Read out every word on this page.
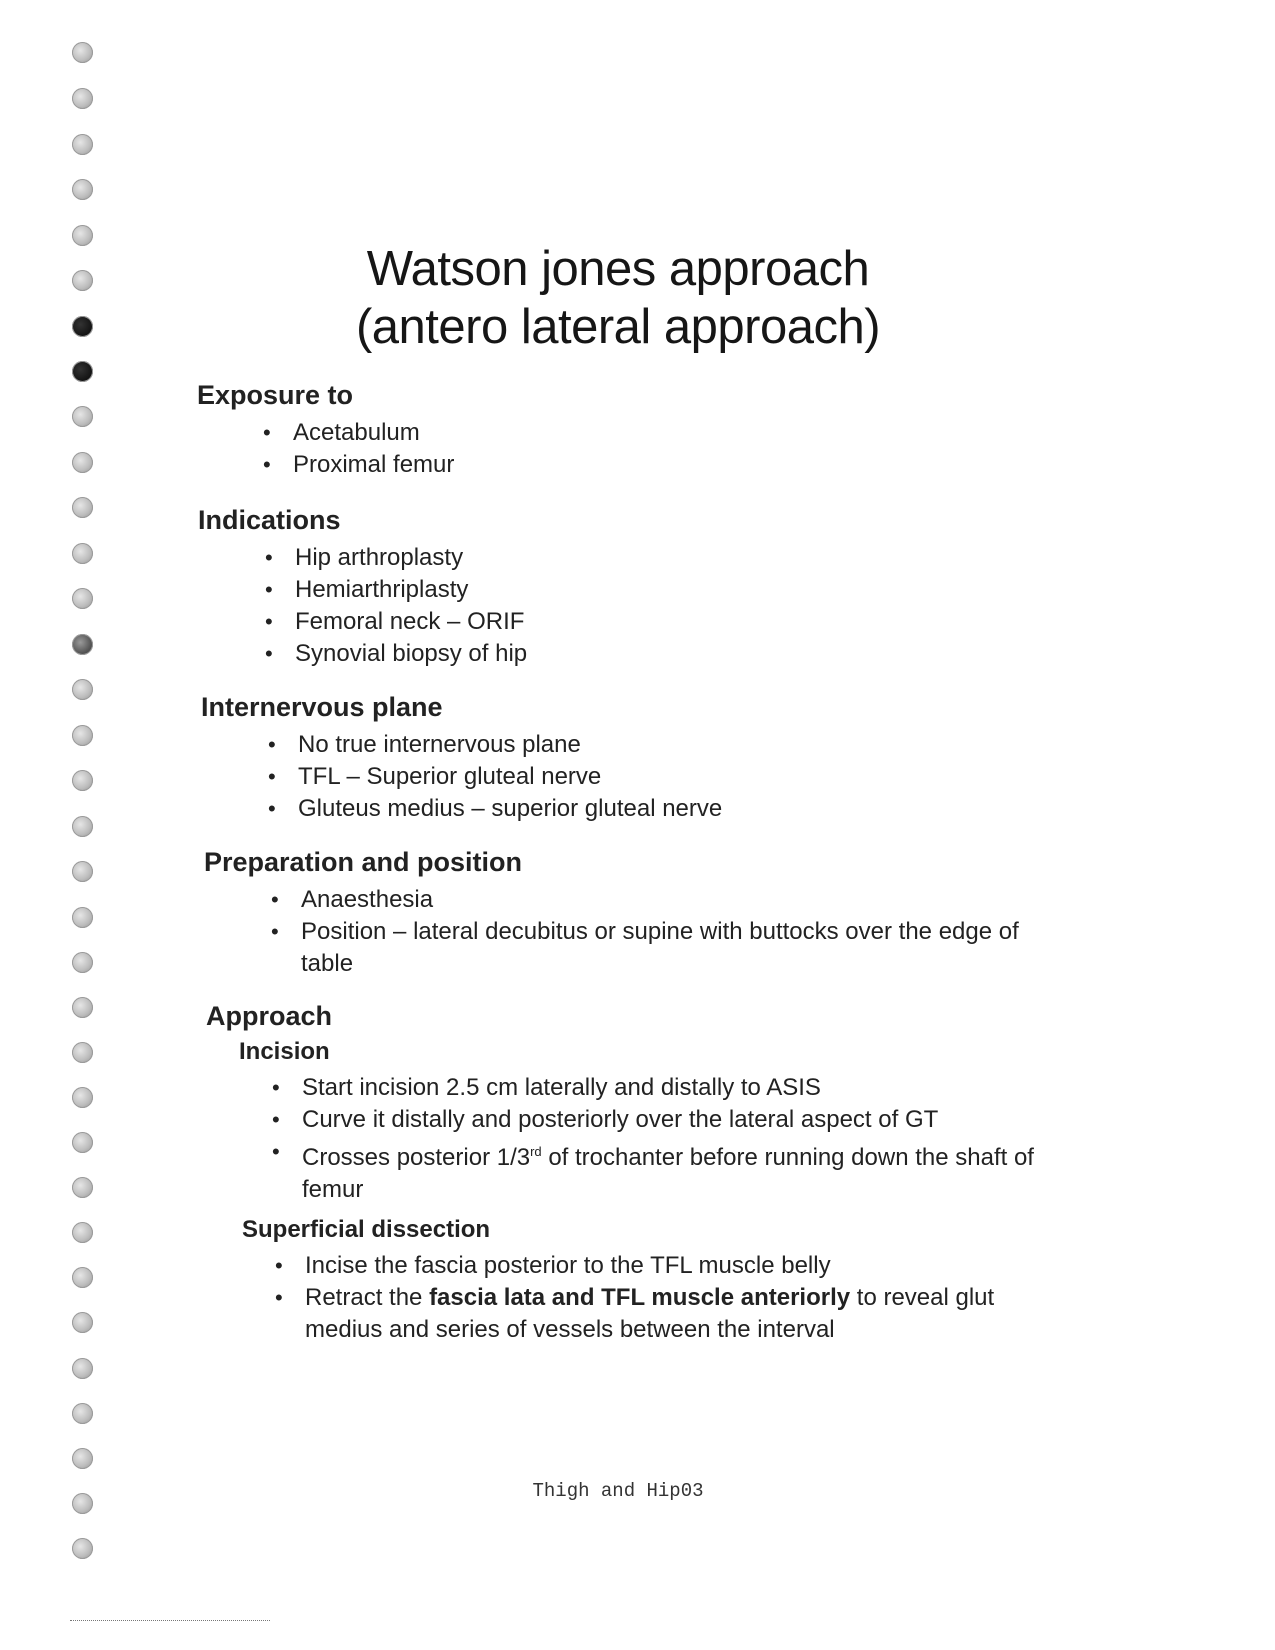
Watson jones approach
(antero lateral approach)

Exposure to

• Acetabulum
• Proximal femur

Indications

• Hip arthroplasty
• Hemiarthriplasty
• Femoral neck – ORIF
• Synovial biopsy of hip

Internervous plane

• No true internervous plane
• TFL – Superior gluteal nerve
• Gluteus medius – superior gluteal nerve

Preparation and position

• Anaesthesia
• Position – lateral decubitus or supine with buttocks over the edge of table

Approach

Incision

• Start incision 2.5 cm laterally and distally to ASIS
• Curve it distally and posteriorly over the lateral aspect of GT
• Crosses posterior 1/3rd of trochanter before running down the shaft of femur

Superficial dissection

• Incise the fascia posterior to the TFL muscle belly
• Retract the fascia lata and TFL muscle anteriorly to reveal glut medius and series of vessels between the interval
Thigh and Hip03
